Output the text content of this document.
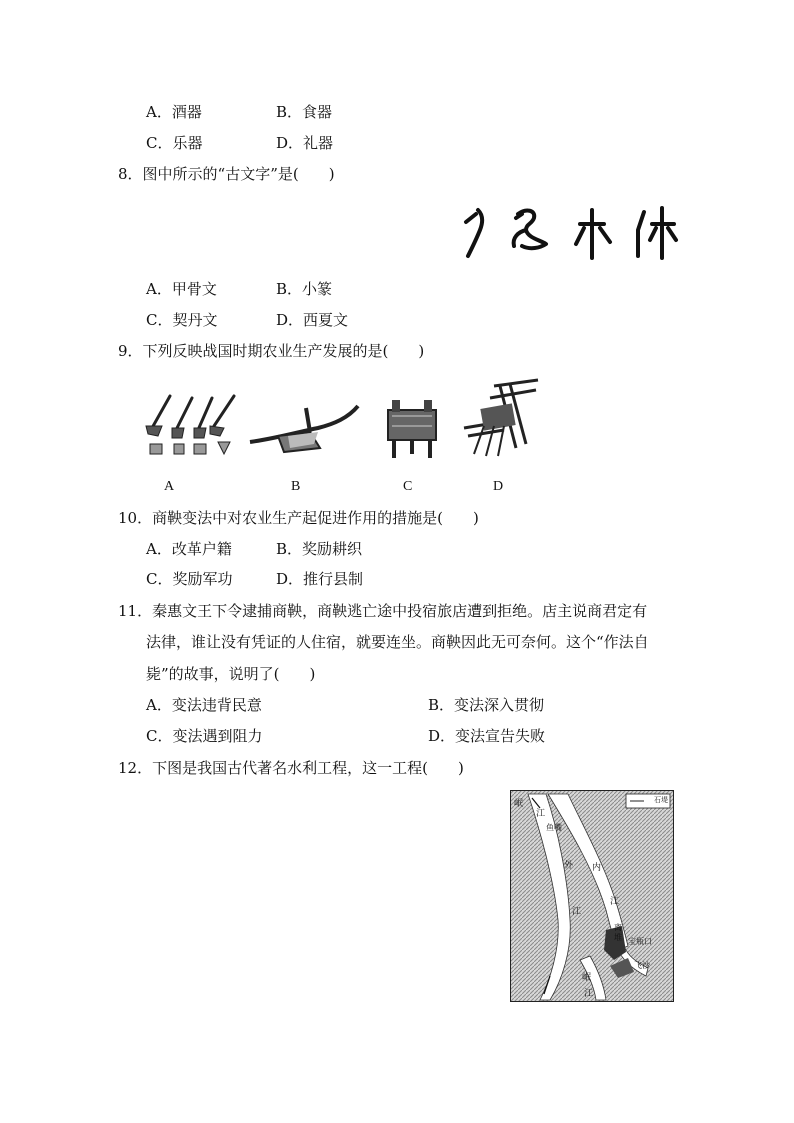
A．酒器	B．食器
C．乐器	D．礼器
8．图中所示的“古文字”是(　　)
A．甲骨文	B．小篆
C．契丹文	D．西夏文
9．下列反映战国时期农业生产发展的是(　　)
A	B	C	D
10．商鞅变法中对农业生产起促进作用的措施是(　　)
A．改革户籍	B．奖励耕织
C．奖励军功	D．推行县制
11．秦惠文王下令逮捕商鞅，商鞅逃亡途中投宿旅店遭到拒绝。店主说商君定有
法律，谁让没有凭证的人住宿，就要连坐。商鞅因此无可奈何。这个“作法自
毙”的故事，说明了(　　)
A．变法违背民意	B．变法深入贯彻
C．变法遇到阻力	D．变法宣告失败
12．下图是我国古代著名水利工程，这一工程(　　)
石堤
岷
江
鱼嘴
外 内
江
江
宝瓶口
离
堆
岷
江
飞沙
